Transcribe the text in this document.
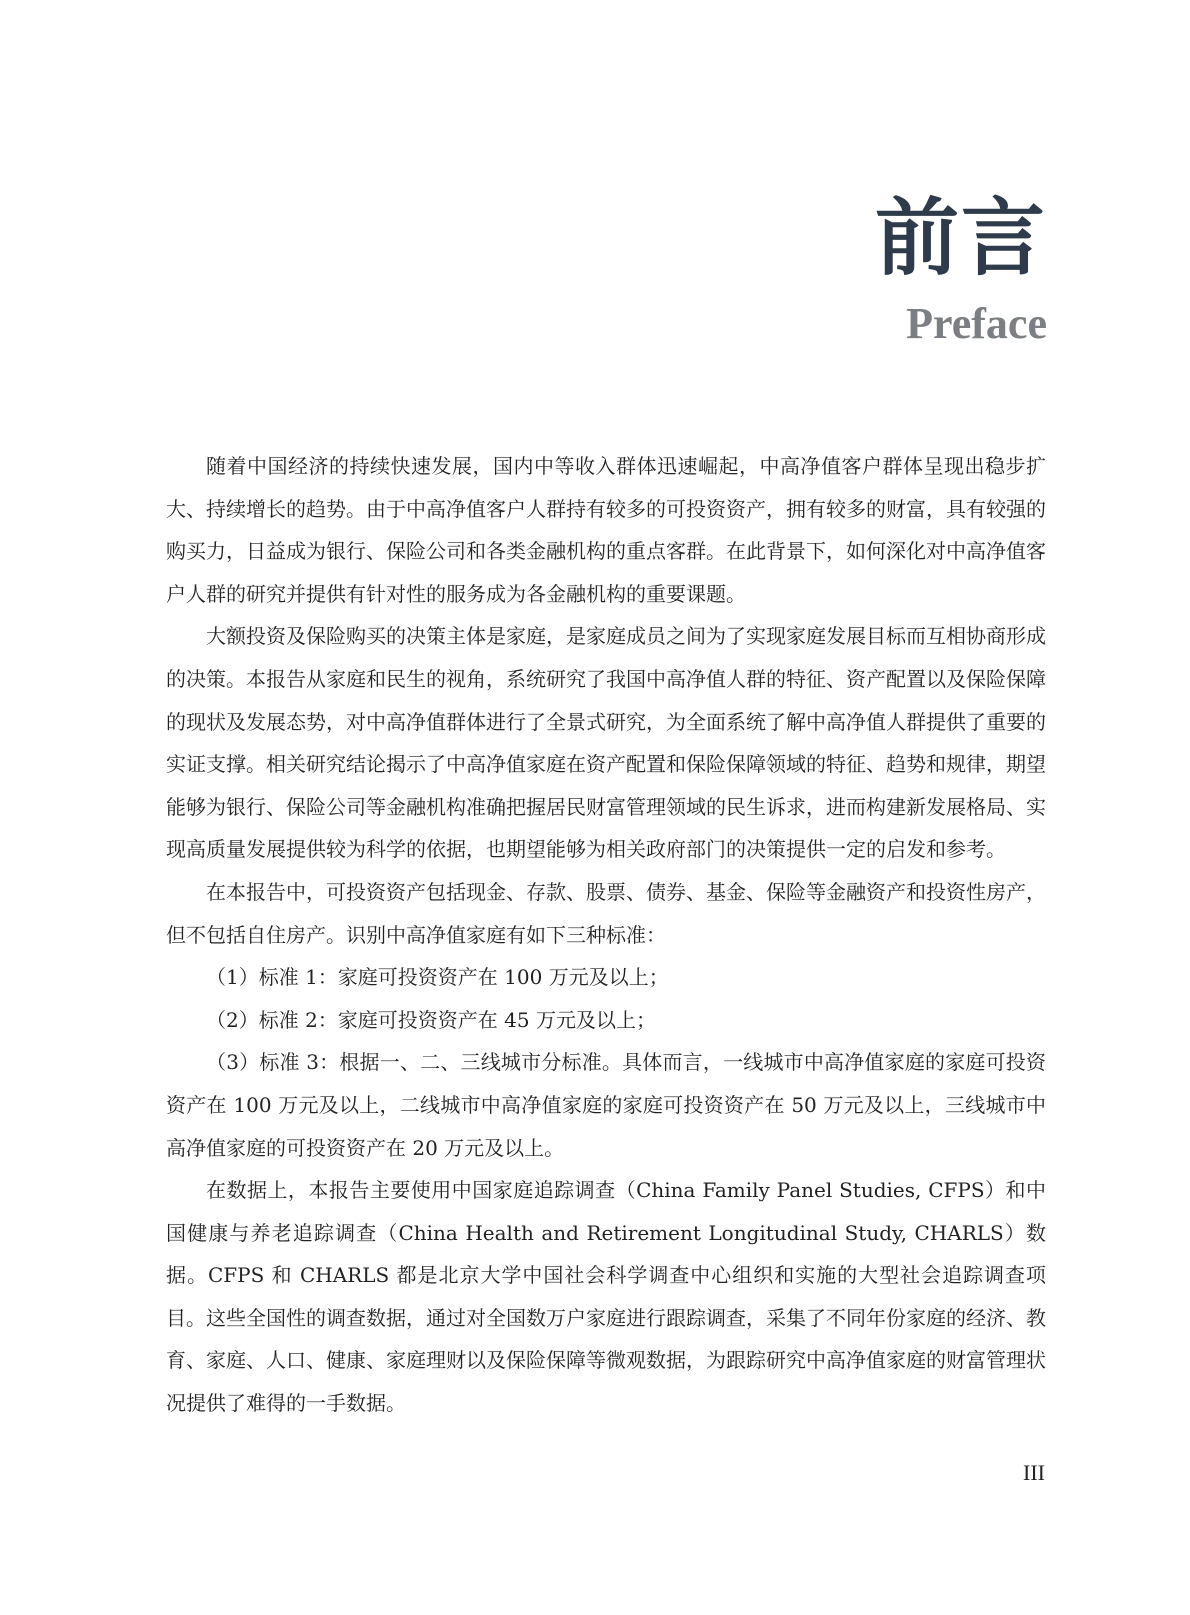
前言
Preface

随着中国经济的持续快速发展，国内中等收入群体迅速崛起，中高净值客户群体呈现出稳步扩大、持续增长的趋势。由于中高净值客户人群持有较多的可投资资产，拥有较多的财富，具有较强的购买力，日益成为银行、保险公司和各类金融机构的重点客群。在此背景下，如何深化对中高净值客户人群的研究并提供有针对性的服务成为各金融机构的重要课题。

大额投资及保险购买的决策主体是家庭，是家庭成员之间为了实现家庭发展目标而互相协商形成的决策。本报告从家庭和民生的视角，系统研究了我国中高净值人群的特征、资产配置以及保险保障的现状及发展态势，对中高净值群体进行了全景式研究，为全面系统了解中高净值人群提供了重要的实证支撑。相关研究结论揭示了中高净值家庭在资产配置和保险保障领域的特征、趋势和规律，期望能够为银行、保险公司等金融机构准确把握居民财富管理领域的民生诉求，进而构建新发展格局、实现高质量发展提供较为科学的依据，也期望能够为相关政府部门的决策提供一定的启发和参考。

在本报告中，可投资资产包括现金、存款、股票、债券、基金、保险等金融资产和投资性房产，但不包括自住房产。识别中高净值家庭有如下三种标准：

（1）标准 1：家庭可投资资产在 100 万元及以上；

（2）标准 2：家庭可投资资产在 45 万元及以上；

（3）标准 3：根据一、二、三线城市分标准。具体而言，一线城市中高净值家庭的家庭可投资资产在 100 万元及以上，二线城市中高净值家庭的家庭可投资资产在 50 万元及以上，三线城市中高净值家庭的可投资资产在 20 万元及以上。

在数据上，本报告主要使用中国家庭追踪调查（China Family Panel Studies, CFPS）和中国健康与养老追踪调查（China Health and Retirement Longitudinal Study, CHARLS）数据。CFPS 和 CHARLS 都是北京大学中国社会科学调查中心组织和实施的大型社会追踪调查项目。这些全国性的调查数据，通过对全国数万户家庭进行跟踪调查，采集了不同年份家庭的经济、教育、家庭、人口、健康、家庭理财以及保险保障等微观数据，为跟踪研究中高净值家庭的财富管理状况提供了难得的一手数据。

III
